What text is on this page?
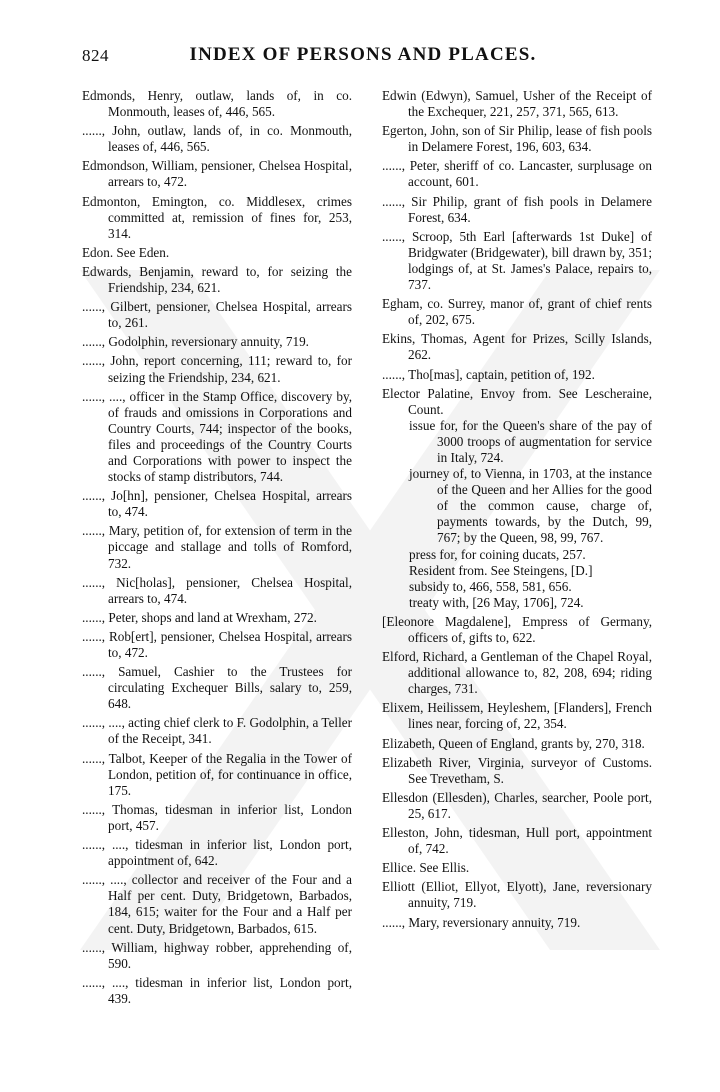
824	INDEX OF PERSONS AND PLACES.

Edmonds, Henry, outlaw, lands of, in co. Monmouth, leases of, 446, 565.

......, John, outlaw, lands of, in co. Monmouth, leases of, 446, 565.

Edmondson, William, pensioner, Chelsea Hospital, arrears to, 472.

Edmonton, Emington, co. Middlesex, crimes committed at, remission of fines for, 253, 314.

Edon. See Eden.

Edwards, Benjamin, reward to, for seizing the Friendship, 234, 621.

......, Gilbert, pensioner, Chelsea Hospital, arrears to, 261.

......, Godolphin, reversionary annuity, 719.

......, John, report concerning, 111; reward to, for seizing the Friendship, 234, 621.

......, ...., officer in the Stamp Office, discovery by, of frauds and omissions in Corporations and Country Courts, 744; inspector of the books, files and proceedings of the Country Courts and Corporations with power to inspect the stocks of stamp distributors, 744.

......, Jo[hn], pensioner, Chelsea Hospital, arrears to, 474.

......, Mary, petition of, for extension of term in the piccage and stallage and tolls of Romford, 732.

......, Nic[holas], pensioner, Chelsea Hospital, arrears to, 474.

......, Peter, shops and land at Wrexham, 272.

......, Rob[ert], pensioner, Chelsea Hospital, arrears to, 472.

......, Samuel, Cashier to the Trustees for circulating Exchequer Bills, salary to, 259, 648.

......, ...., acting chief clerk to F. Godolphin, a Teller of the Receipt, 341.

......, Talbot, Keeper of the Regalia in the Tower of London, petition of, for continuance in office, 175.

......, Thomas, tidesman in inferior list, London port, 457.

......, ...., tidesman in inferior list, London port, appointment of, 642.

......, ...., collector and receiver of the Four and a Half per cent. Duty, Bridgetown, Barbados, 184, 615; waiter for the Four and a Half per cent. Duty, Bridgetown, Barbados, 615.

......, William, highway robber, apprehending of, 590.

......, ...., tidesman in inferior list, London port, 439.

Edwin (Edwyn), Samuel, Usher of the Receipt of the Exchequer, 221, 257, 371, 565, 613.

Egerton, John, son of Sir Philip, lease of fish pools in Delamere Forest, 196, 603, 634.

......, Peter, sheriff of co. Lancaster, surplusage on account, 601.

......, Sir Philip, grant of fish pools in Delamere Forest, 634.

......, Scroop, 5th Earl [afterwards 1st Duke] of Bridgwater (Bridgewater), bill drawn by, 351; lodgings of, at St. James's Palace, repairs to, 737.

Egham, co. Surrey, manor of, grant of chief rents of, 202, 675.

Ekins, Thomas, Agent for Prizes, Scilly Islands, 262.

......, Tho[mas], captain, petition of, 192.

Elector Palatine, Envoy from. See Lescheraine, Count.

issue for, for the Queen's share of the pay of 3000 troops of augmentation for service in Italy, 724.

journey of, to Vienna, in 1703, at the instance of the Queen and her Allies for the good of the common cause, charge of, payments towards, by the Dutch, 99, 767; by the Queen, 98, 99, 767.

press for, for coining ducats, 257.

Resident from. See Steingens, [D.]

subsidy to, 466, 558, 581, 656.

treaty with, [26 May, 1706], 724.

[Eleonore Magdalene], Empress of Germany, officers of, gifts to, 622.

Elford, Richard, a Gentleman of the Chapel Royal, additional allowance to, 82, 208, 694; riding charges, 731.

Elixem, Heilissem, Heyleshem, [Flanders], French lines near, forcing of, 22, 354.

Elizabeth, Queen of England, grants by, 270, 318.

Elizabeth River, Virginia, surveyor of Customs. See Trevetham, S.

Ellesdon (Ellesden), Charles, searcher, Poole port, 25, 617.

Elleston, John, tidesman, Hull port, appointment of, 742.

Ellice. See Ellis.

Elliott (Elliot, Ellyot, Elyott), Jane, reversionary annuity, 719.

......, Mary, reversionary annuity, 719.
